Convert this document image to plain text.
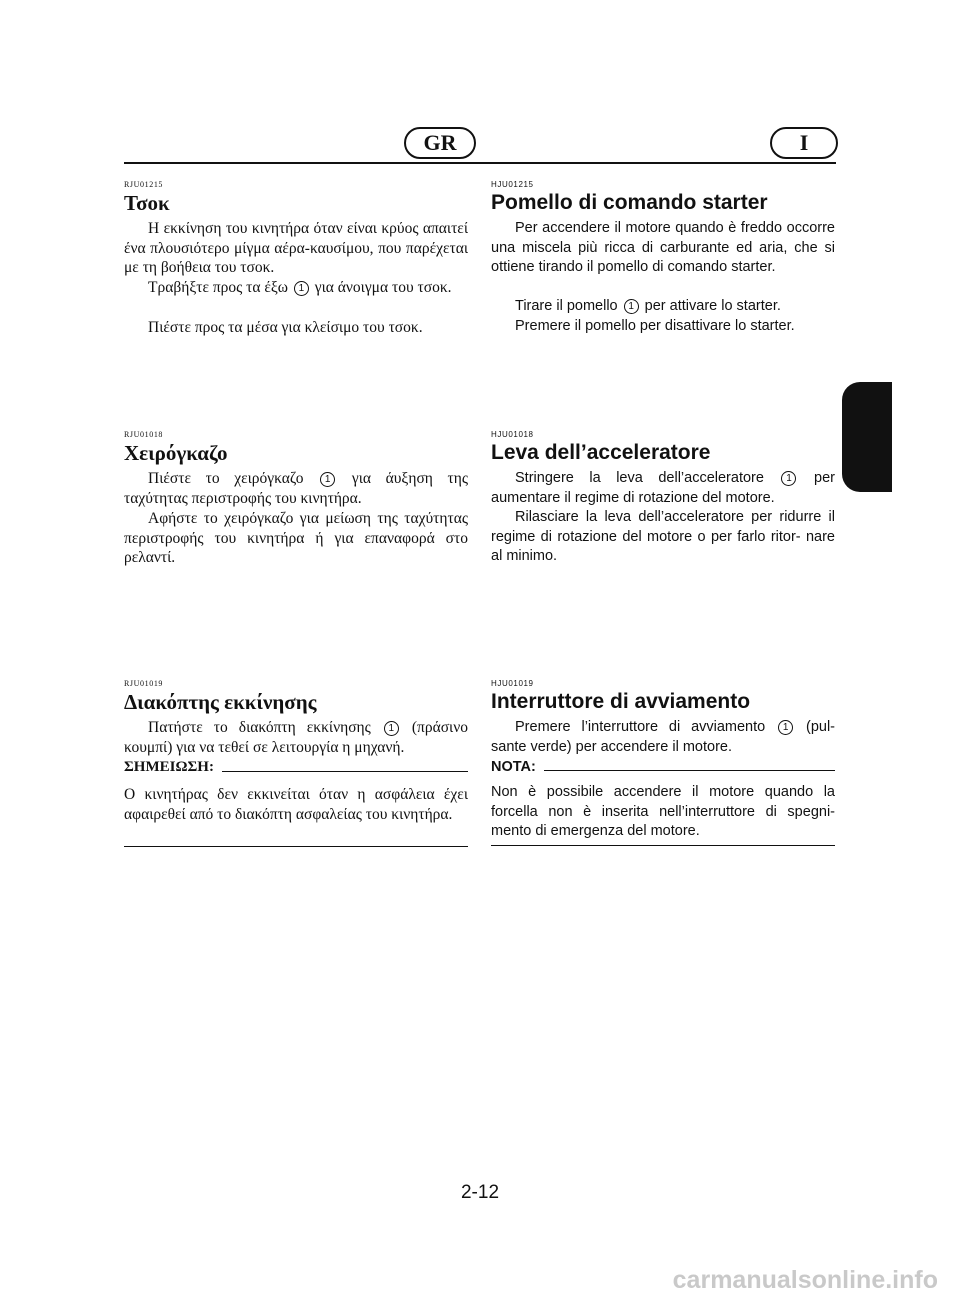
GR	I
RJU01215
Τσοκ
Η εκκίνηση του κινητήρα όταν είναι κρύος απαιτεί ένα πλουσιότερο μίγμα αέρα-καυσίμου, που παρέχεται με τη βοήθεια του τσοκ.
Τραβήξτε προς τα έξω 1 για άνοιγμα του τσοκ.
Πιέστε προς τα μέσα για κλείσιμο του τσοκ.
RJU01018
Χειρόγκαζο
Πιέστε το χειρόγκαζο 1 για άυξηση της ταχύτητας περιστροφής του κινητήρα.
Αφήστε το χειρόγκαζο για μείωση της ταχύτητας περιστροφής του κινητήρα ή για επαναφορά στο ρελαντί.
RJU01019
Διακόπτης εκκίνησης
Πατήστε το διακόπτη εκκίνησης 1 (πράσινο κουμπί) για να τεθεί σε λειτουργία η μηχανή.
ΣΗΜΕΙΩΣΗ:
Ο κινητήρας δεν εκκινείται όταν η ασφάλεια έχει αφαιρεθεί από το διακόπτη ασφαλείας του κινητήρα.
HJU01215
Pomello di comando starter
Per accendere il motore quando è freddo occorre una miscela più ricca di carburante ed aria, che si ottiene tirando il pomello di comando starter.
Tirare il pomello 1 per attivare lo starter.
Premere il pomello per disattivare lo starter.
HJU01018
Leva dell’acceleratore
Stringere la leva dell’acceleratore 1 per aumentare il regime di rotazione del motore.
Rilasciare la leva dell’acceleratore per ridurre il regime di rotazione del motore o per farlo ritor- nare al minimo.
HJU01019
Interruttore di avviamento
Premere l’interruttore di avviamento 1 (pul- sante verde) per accendere il motore.
NOTA:
Non è possibile accendere il motore quando la forcella non è inserita nell’interruttore di spegni- mento di emergenza del motore.
2-12
carmanualsonline.info
